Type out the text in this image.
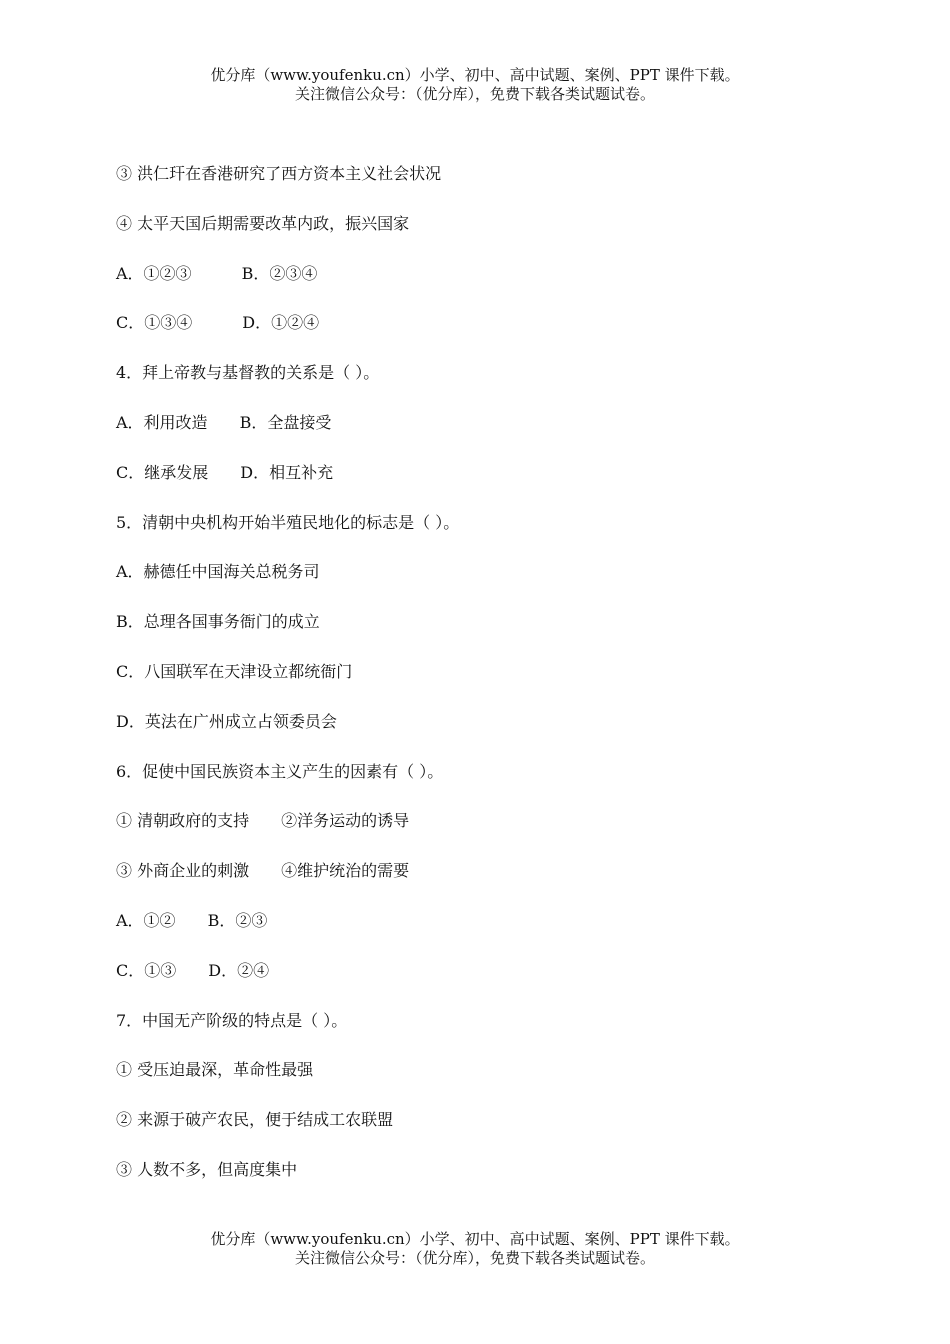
优分库（www.youfenku.cn）小学、初中、高中试题、案例、PPT 课件下载。
关注微信公众号：（优分库），免费下载各类试题试卷。
③ 洪仁玕在香港研究了西方资本主义社会状况
④ 太平天国后期需要改革内政，振兴国家
A．①②③	B．②③④
C．①③④	D．①②④
4．拜上帝教与基督教的关系是（ ）。
A．利用改造 B．全盘接受
C．继承发展 D．相互补充
5．清朝中央机构开始半殖民地化的标志是（ ）。
A．赫德任中国海关总税务司
B．总理各国事务衙门的成立
C．八国联军在天津设立都统衙门
D．英法在广州成立占领委员会
6．促使中国民族资本主义产生的因素有（ ）。
① 清朝政府的支持 ②洋务运动的诱导
③ 外商企业的刺激 ④维护统治的需要
A．①② B．②③
C．①③ D．②④
7．中国无产阶级的特点是（ ）。
① 受压迫最深，革命性最强
② 来源于破产农民，便于结成工农联盟
③ 人数不多，但高度集中
优分库（www.youfenku.cn）小学、初中、高中试题、案例、PPT 课件下载。
关注微信公众号：（优分库），免费下载各类试题试卷。
